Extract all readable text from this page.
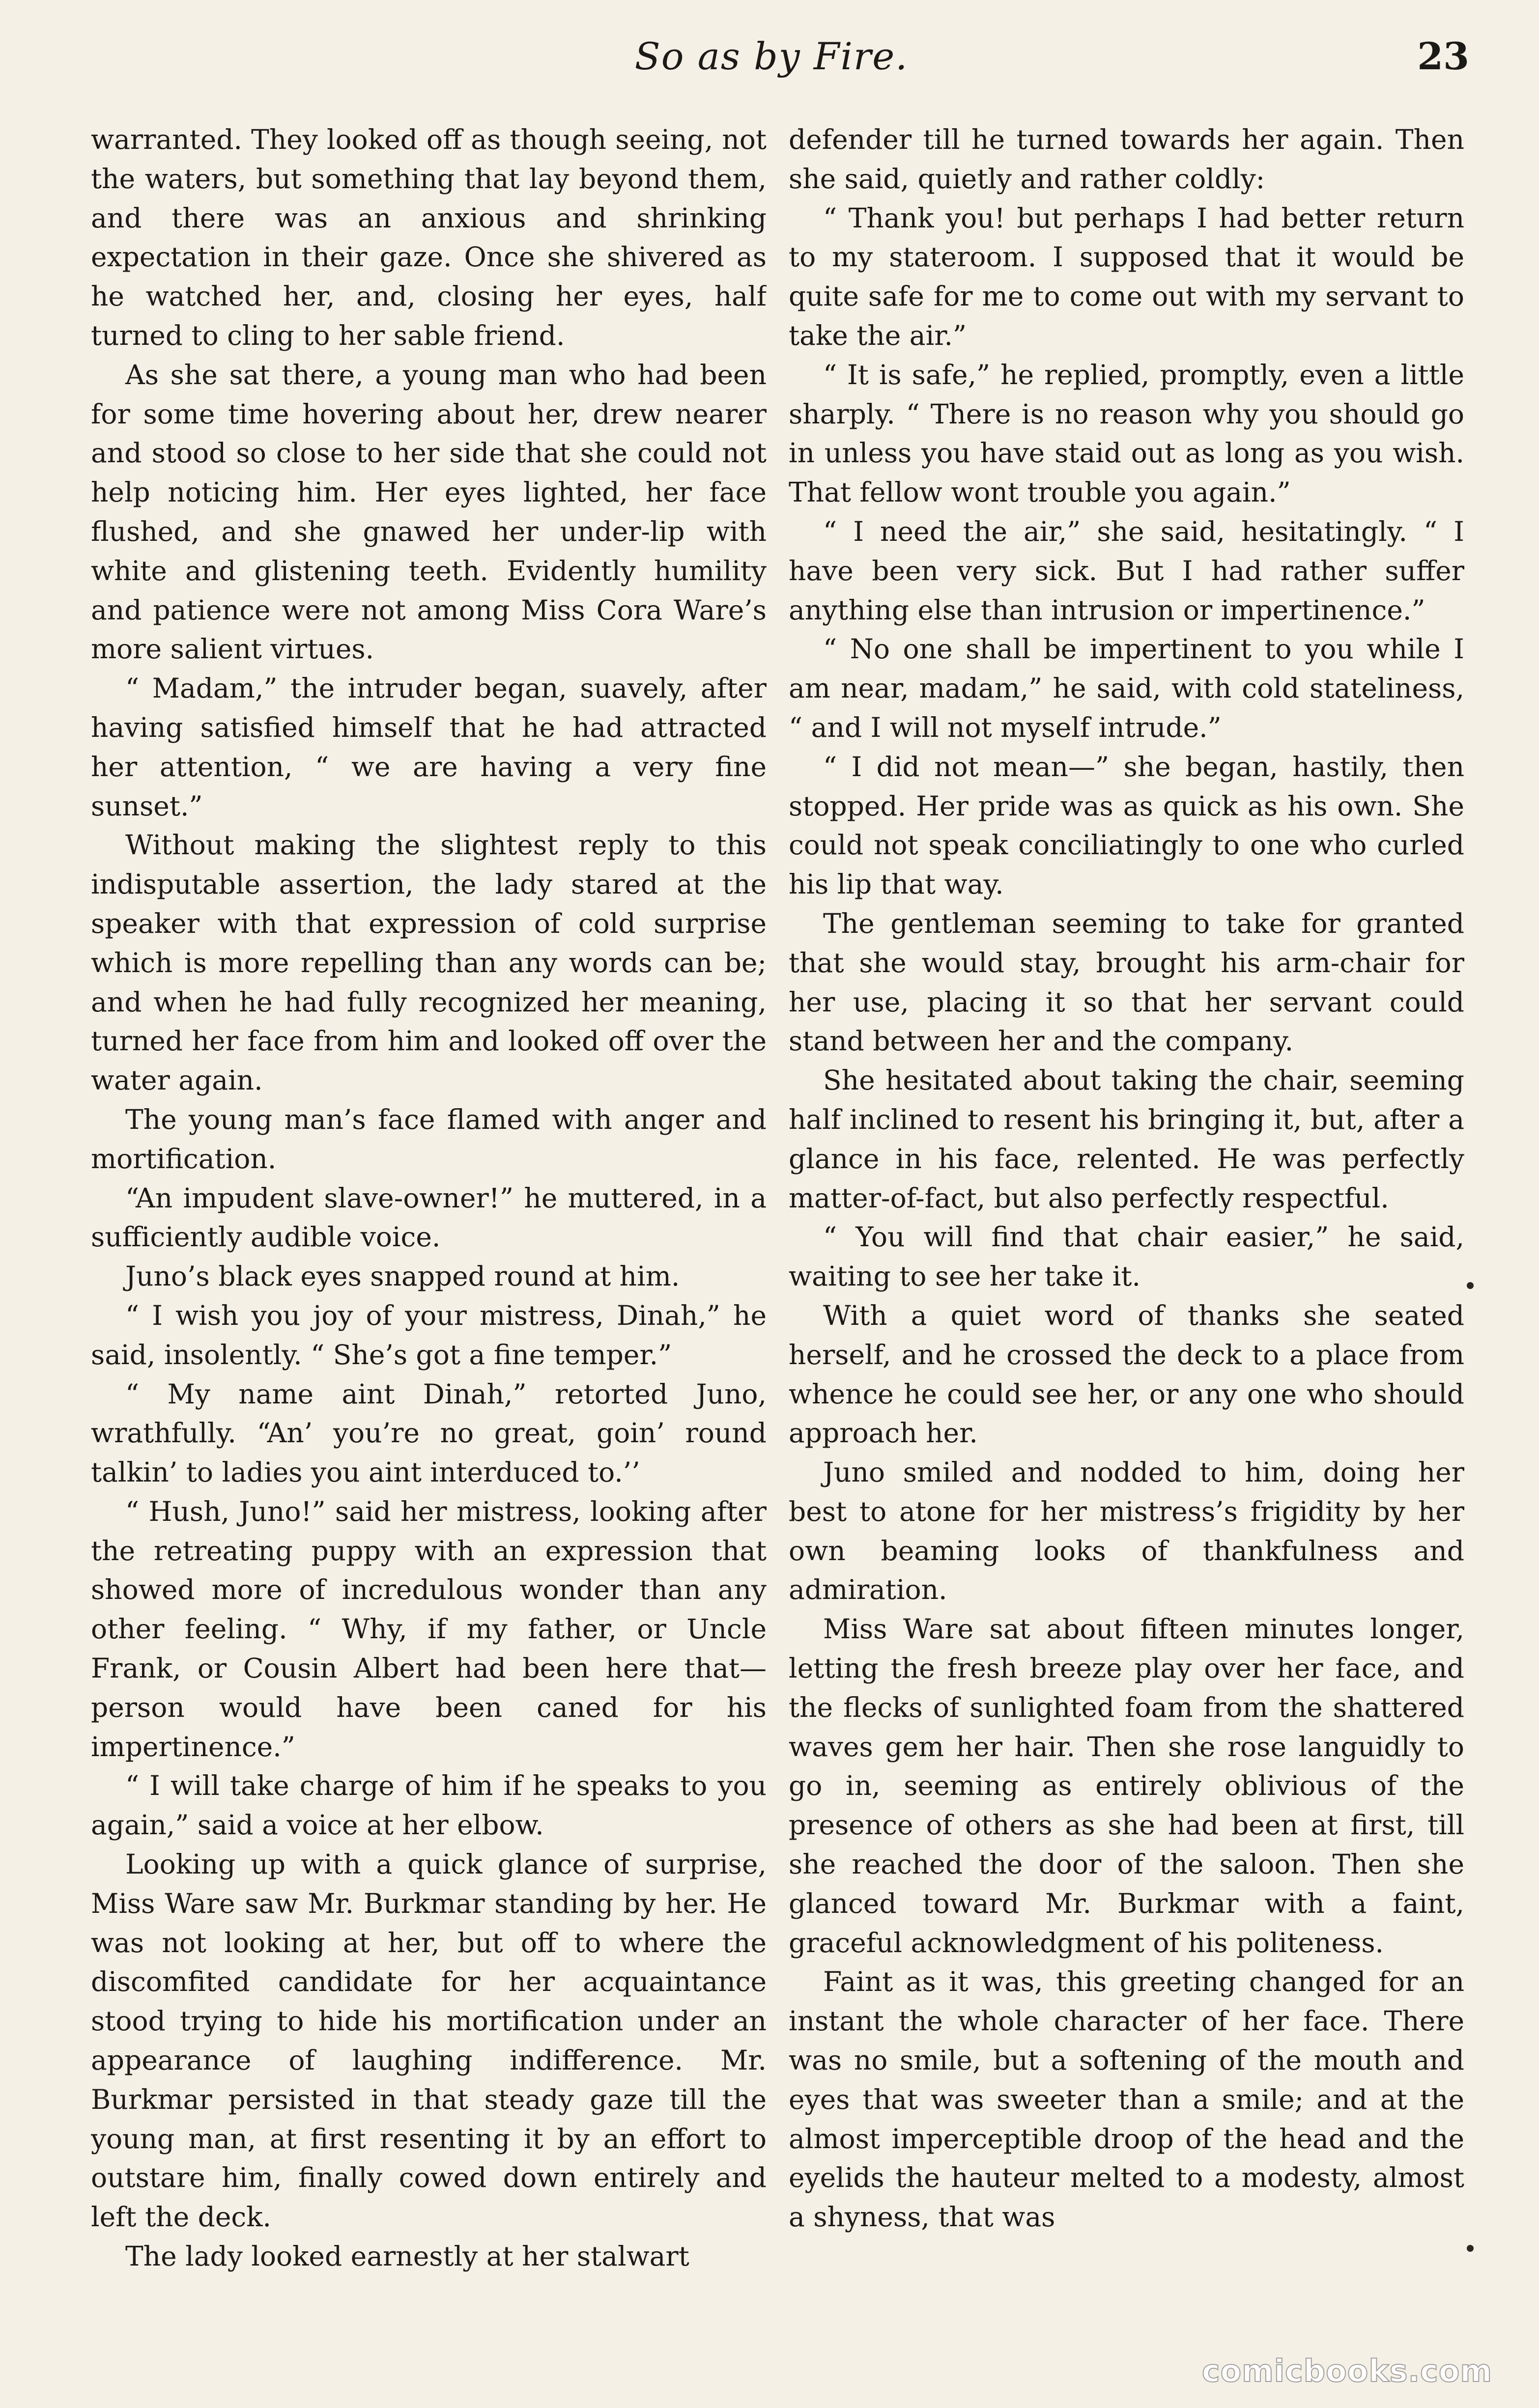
So as by Fire.	23

warranted. They looked off as though seeing, not the waters, but something that lay beyond them, and there was an anxious and shrinking expectation in their gaze. Once she shivered as he watched her, and, closing her eyes, half turned to cling to her sable friend.

As she sat there, a young man who had been for some time hovering about her, drew nearer and stood so close to her side that she could not help noticing him. Her eyes lighted, her face flushed, and she gnawed her under-lip with white and glistening teeth. Evidently humility and patience were not among Miss Cora Ware’s more salient virtues.

“ Madam,” the intruder began, suavely, after having satisfied himself that he had attracted her attention, “ we are having a very fine sunset.”

Without making the slightest reply to this indisputable assertion, the lady stared at the speaker with that expression of cold surprise which is more repelling than any words can be; and when he had fully recognized her meaning, turned her face from him and looked off over the water again.

The young man’s face flamed with anger and mortification.

“An impudent slave-owner!” he muttered, in a sufficiently audible voice.

Juno’s black eyes snapped round at him.

“ I wish you joy of your mistress, Dinah,” he said, insolently. “ She’s got a fine temper.”

“ My name aint Dinah,” retorted Juno, wrathfully. “An’ you’re no great, goin’ round talkin’ to ladies you aint interduced to.’’

“ Hush, Juno!” said her mistress, looking after the retreating puppy with an expression that showed more of incredulous wonder than any other feeling. “ Why, if my father, or Uncle Frank, or Cousin Albert had been here that—person would have been caned for his impertinence.”

“ I will take charge of him if he speaks to you again,” said a voice at her elbow.

Looking up with a quick glance of surprise, Miss Ware saw Mr. Burkmar standing by her. He was not looking at her, but off to where the discomfited candidate for her acquaintance stood trying to hide his mortification under an appearance of laughing indifference. Mr. Burkmar persisted in that steady gaze till the young man, at first resenting it by an effort to outstare him, finally cowed down entirely and left the deck.

The lady looked earnestly at her stalwart

defender till he turned towards her again. Then she said, quietly and rather coldly:

“ Thank you! but perhaps I had better return to my stateroom. I supposed that it would be quite safe for me to come out with my servant to take the air.”

“ It is safe,” he replied, promptly, even a little sharply. “ There is no reason why you should go in unless you have staid out as long as you wish. That fellow wont trouble you again.”

“ I need the air,” she said, hesitatingly. “ I have been very sick. But I had rather suffer anything else than intrusion or impertinence.”

“ No one shall be impertinent to you while I am near, madam,” he said, with cold stateliness, “ and I will not myself intrude.”

“ I did not mean—” she began, hastily, then stopped. Her pride was as quick as his own. She could not speak conciliatingly to one who curled his lip that way.

The gentleman seeming to take for granted that she would stay, brought his arm-chair for her use, placing it so that her servant could stand between her and the company.

She hesitated about taking the chair, seeming half inclined to resent his bringing it, but, after a glance in his face, relented. He was perfectly matter-of-fact, but also perfectly respectful.

“ You will find that chair easier,” he said, waiting to see her take it.

With a quiet word of thanks she seated herself, and he crossed the deck to a place from whence he could see her, or any one who should approach her.

Juno smiled and nodded to him, doing her best to atone for her mistress’s frigidity by her own beaming looks of thankfulness and admiration.

Miss Ware sat about fifteen minutes longer, letting the fresh breeze play over her face, and the flecks of sunlighted foam from the shattered waves gem her hair. Then she rose languidly to go in, seeming as entirely oblivious of the presence of others as she had been at first, till she reached the door of the saloon. Then she glanced toward Mr. Burkmar with a faint, graceful acknowledgment of his politeness.

Faint as it was, this greeting changed for an instant the whole character of her face. There was no smile, but a softening of the mouth and eyes that was sweeter than a smile; and at the almost imperceptible droop of the head and the eyelids the hauteur melted to a modesty, almost a shyness, that was

comicbooks.com
